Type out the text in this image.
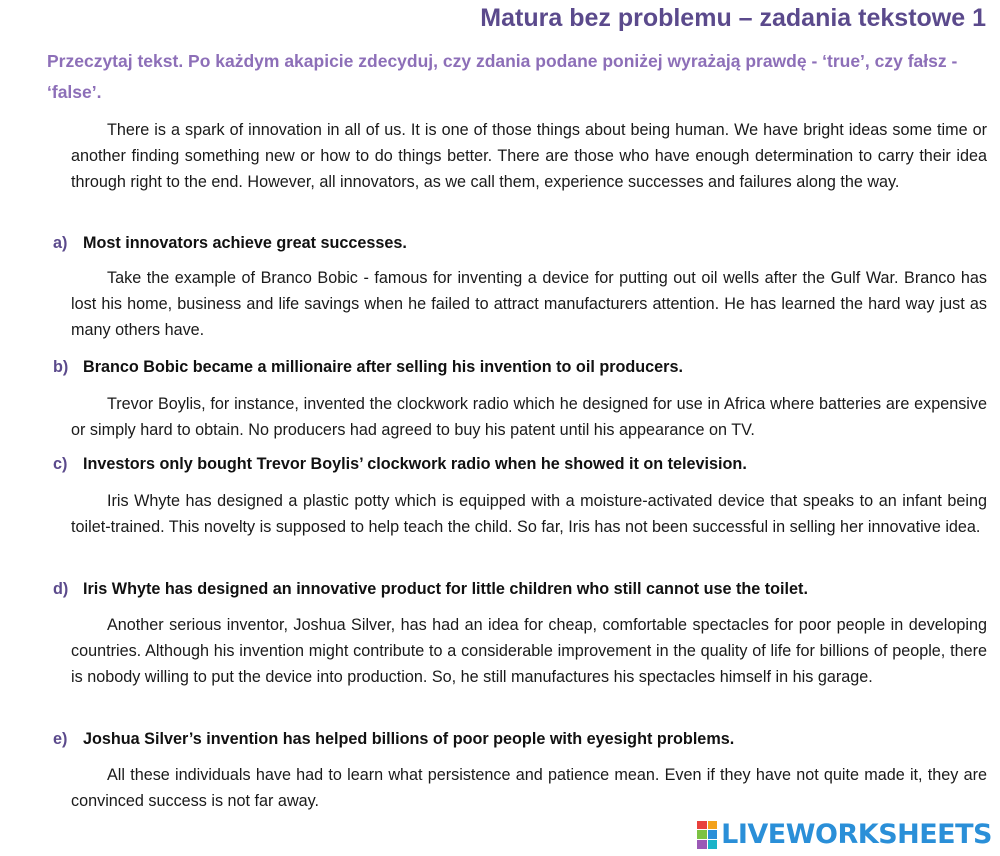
Matura bez problemu – zadania tekstowe 1
Przeczytaj tekst. Po każdym akapicie zdecyduj, czy zdania podane poniżej wyrażają prawdę - ‘true’, czy fałsz - ‘false’.

There is a spark of innovation in all of us. It is one of those things about being human. We have bright ideas some time or another finding something new or how to do things better. There are those who have enough determination to carry their idea through right to the end. However, all innovators, as we call them, experience successes and failures along the way.

a) Most innovators achieve great successes.

Take the example of Branco Bobic - famous for inventing a device for putting out oil wells after the Gulf War. Branco has lost his home, business and life savings when he failed to attract manufacturers attention. He has learned the hard way just as many others have.

b) Branco Bobic became a millionaire after selling his invention to oil producers.

Trevor Boylis, for instance, invented the clockwork radio which he designed for use in Africa where batteries are expensive or simply hard to obtain. No producers had agreed to buy his patent until his appearance on TV.

c) Investors only bought Trevor Boylis’ clockwork radio when he showed it on television.

Iris Whyte has designed a plastic potty which is equipped with a moisture-activated device that speaks to an infant being toilet-trained. This novelty is supposed to help teach the child. So far, Iris has not been successful in selling her innovative idea.

d) Iris Whyte has designed an innovative product for little children who still cannot use the toilet.

Another serious inventor, Joshua Silver, has had an idea for cheap, comfortable spectacles for poor people in developing countries. Although his invention might contribute to a considerable improvement in the quality of life for billions of people, there is nobody willing to put the device into production. So, he still manufactures his spectacles himself in his garage.

e) Joshua Silver’s invention has helped billions of poor people with eyesight problems.

All these individuals have had to learn what persistence and patience mean. Even if they have not quite made it, they are convinced success is not far away.

LIVEWORKSHEETS
